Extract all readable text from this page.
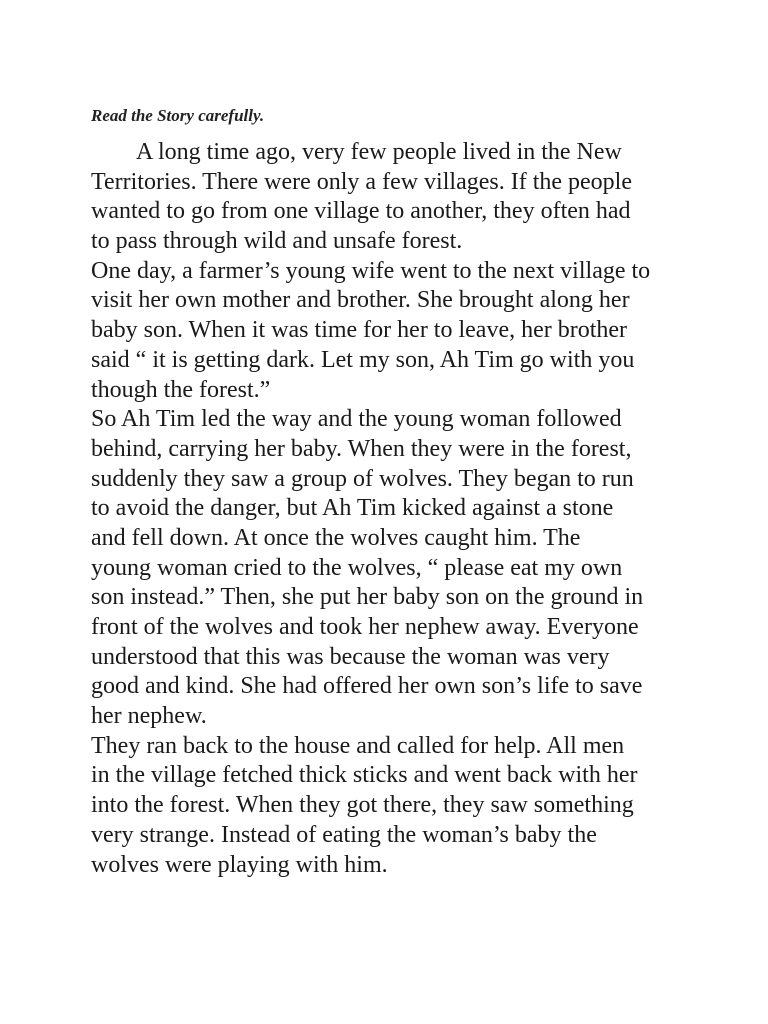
Read the Story carefully.

A long time ago, very few people lived in the New
Territories. There were only a few villages. If the people
wanted to go from one village to another, they often had
to pass through wild and unsafe forest.
One day, a farmer’s young wife went to the next village to
visit her own mother and brother. She brought along her
baby son. When it was time for her to leave, her brother
said “ it is getting dark. Let my son, Ah Tim go with you
though the forest.”
So Ah Tim led the way and the young woman followed
behind, carrying her baby. When they were in the forest,
suddenly they saw a group of wolves. They began to run
to avoid the danger, but Ah Tim kicked against a stone
and fell down. At once the wolves caught him. The
young woman cried to the wolves, “ please eat my own
son instead.” Then, she put her baby son on the ground in
front of the wolves and took her nephew away. Everyone
understood that this was because the woman was very
good and kind. She had offered her own son’s life to save
her nephew.
They ran back to the house and called for help. All men
in the village fetched thick sticks and went back with her
into the forest. When they got there, they saw something
very strange. Instead of eating the woman’s baby the
wolves were playing with him.
